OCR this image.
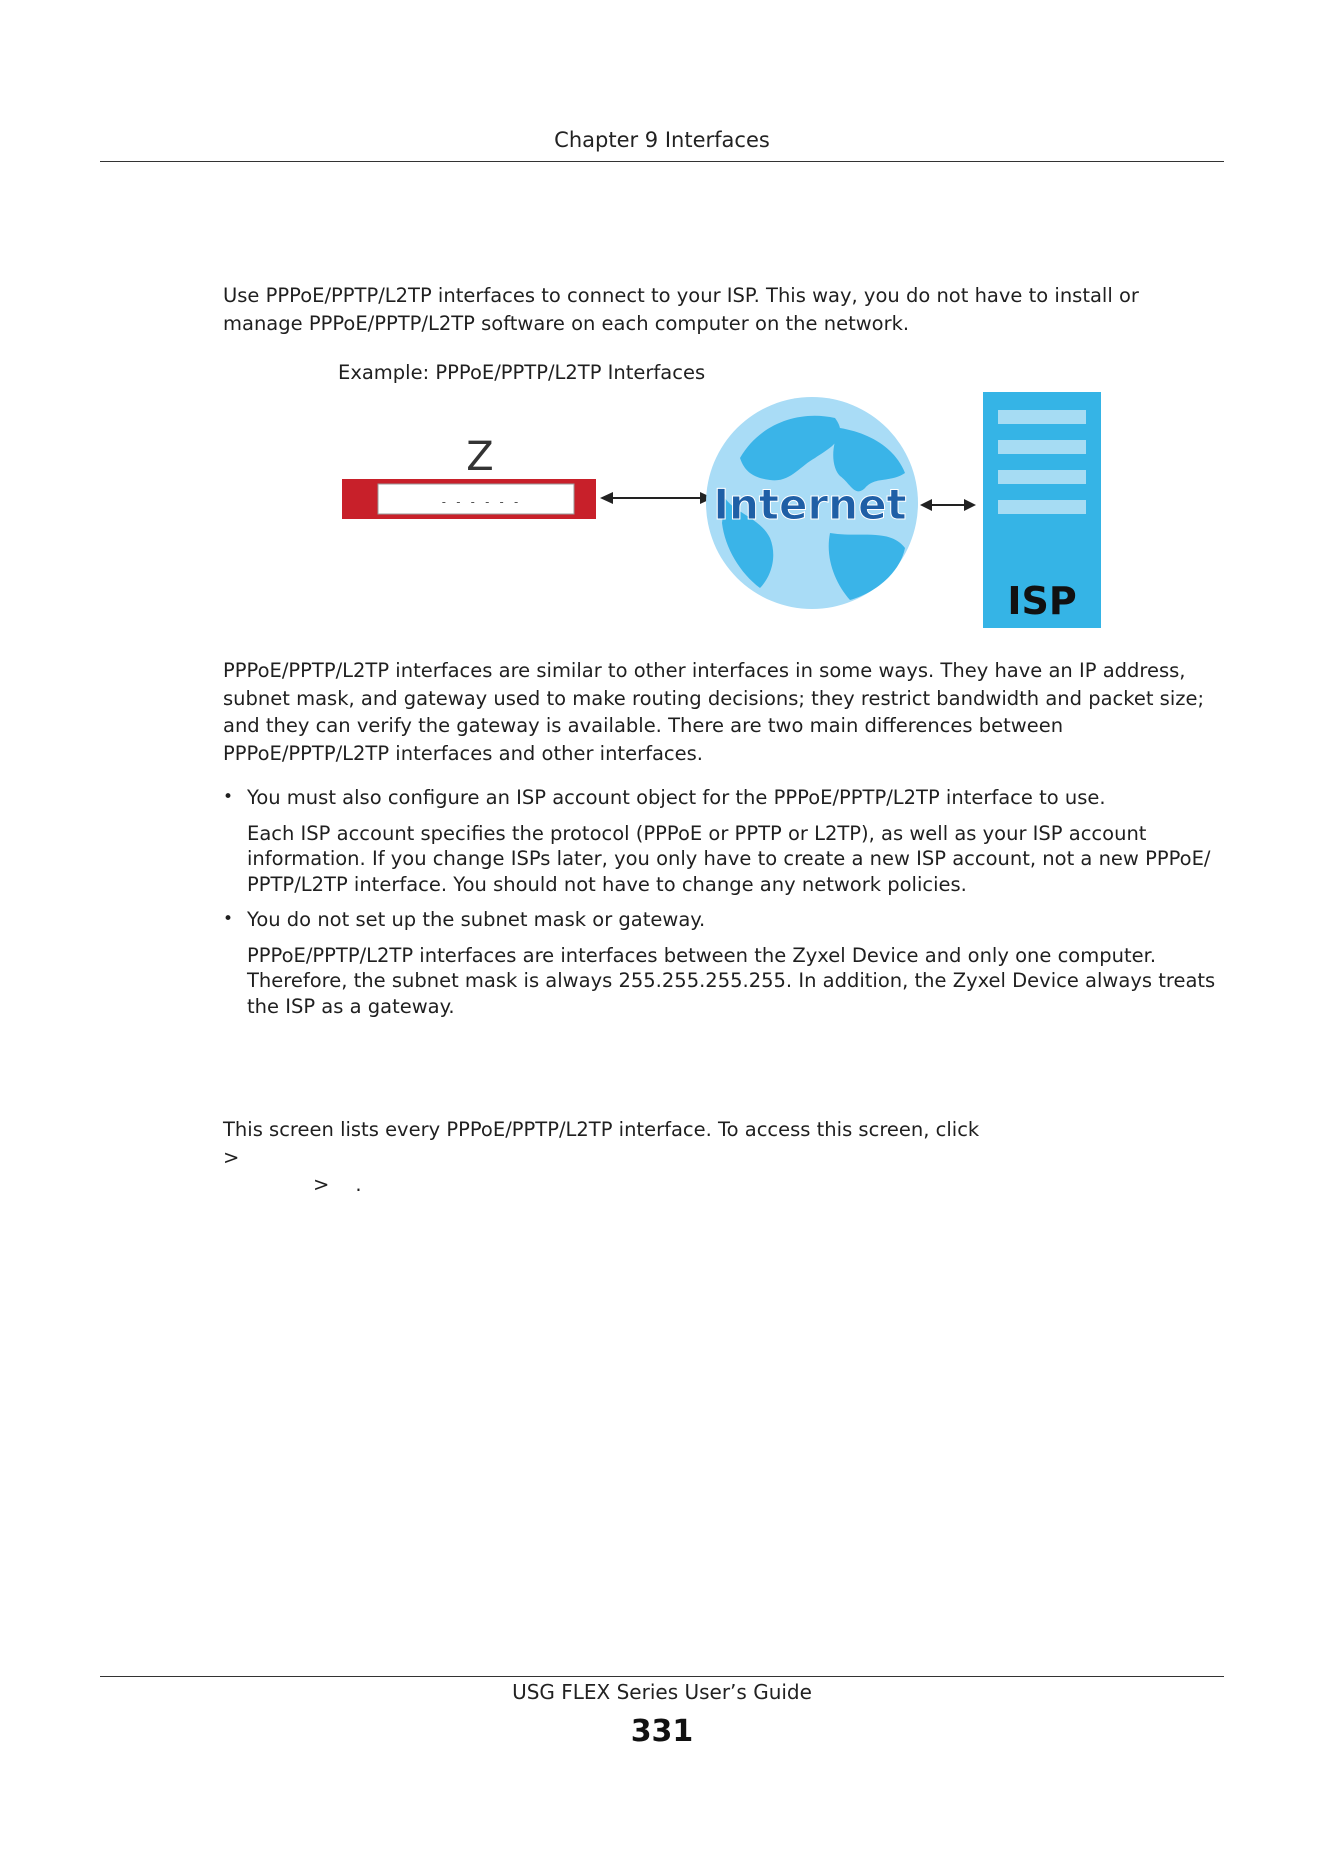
Chapter 9 Interfaces

Use PPPoE/PPTP/L2TP interfaces to connect to your ISP. This way, you do not have to install or manage PPPoE/PPTP/L2TP software on each computer on the network.

Example: PPPoE/PPTP/L2TP Interfaces
Z
- - - - - -	Internet
ISP

PPPoE/PPTP/L2TP interfaces are similar to other interfaces in some ways. They have an IP address, subnet mask, and gateway used to make routing decisions; they restrict bandwidth and packet size; and they can verify the gateway is available. There are two main differences between PPPoE/PPTP/L2TP interfaces and other interfaces.

• You must also configure an ISP account object for the PPPoE/PPTP/L2TP interface to use.
Each ISP account specifies the protocol (PPPoE or PPTP or L2TP), as well as your ISP account information. If you change ISPs later, you only have to create a new ISP account, not a new PPPoE/ PPTP/L2TP interface. You should not have to change any network policies.
• You do not set up the subnet mask or gateway.
PPPoE/PPTP/L2TP interfaces are interfaces between the Zyxel Device and only one computer. Therefore, the subnet mask is always 255.255.255.255. In addition, the Zyxel Device always treats the ISP as a gateway.

This screen lists every PPPoE/PPTP/L2TP interface. To access this screen, click>
> .

USG FLEX Series User’s Guide
331
